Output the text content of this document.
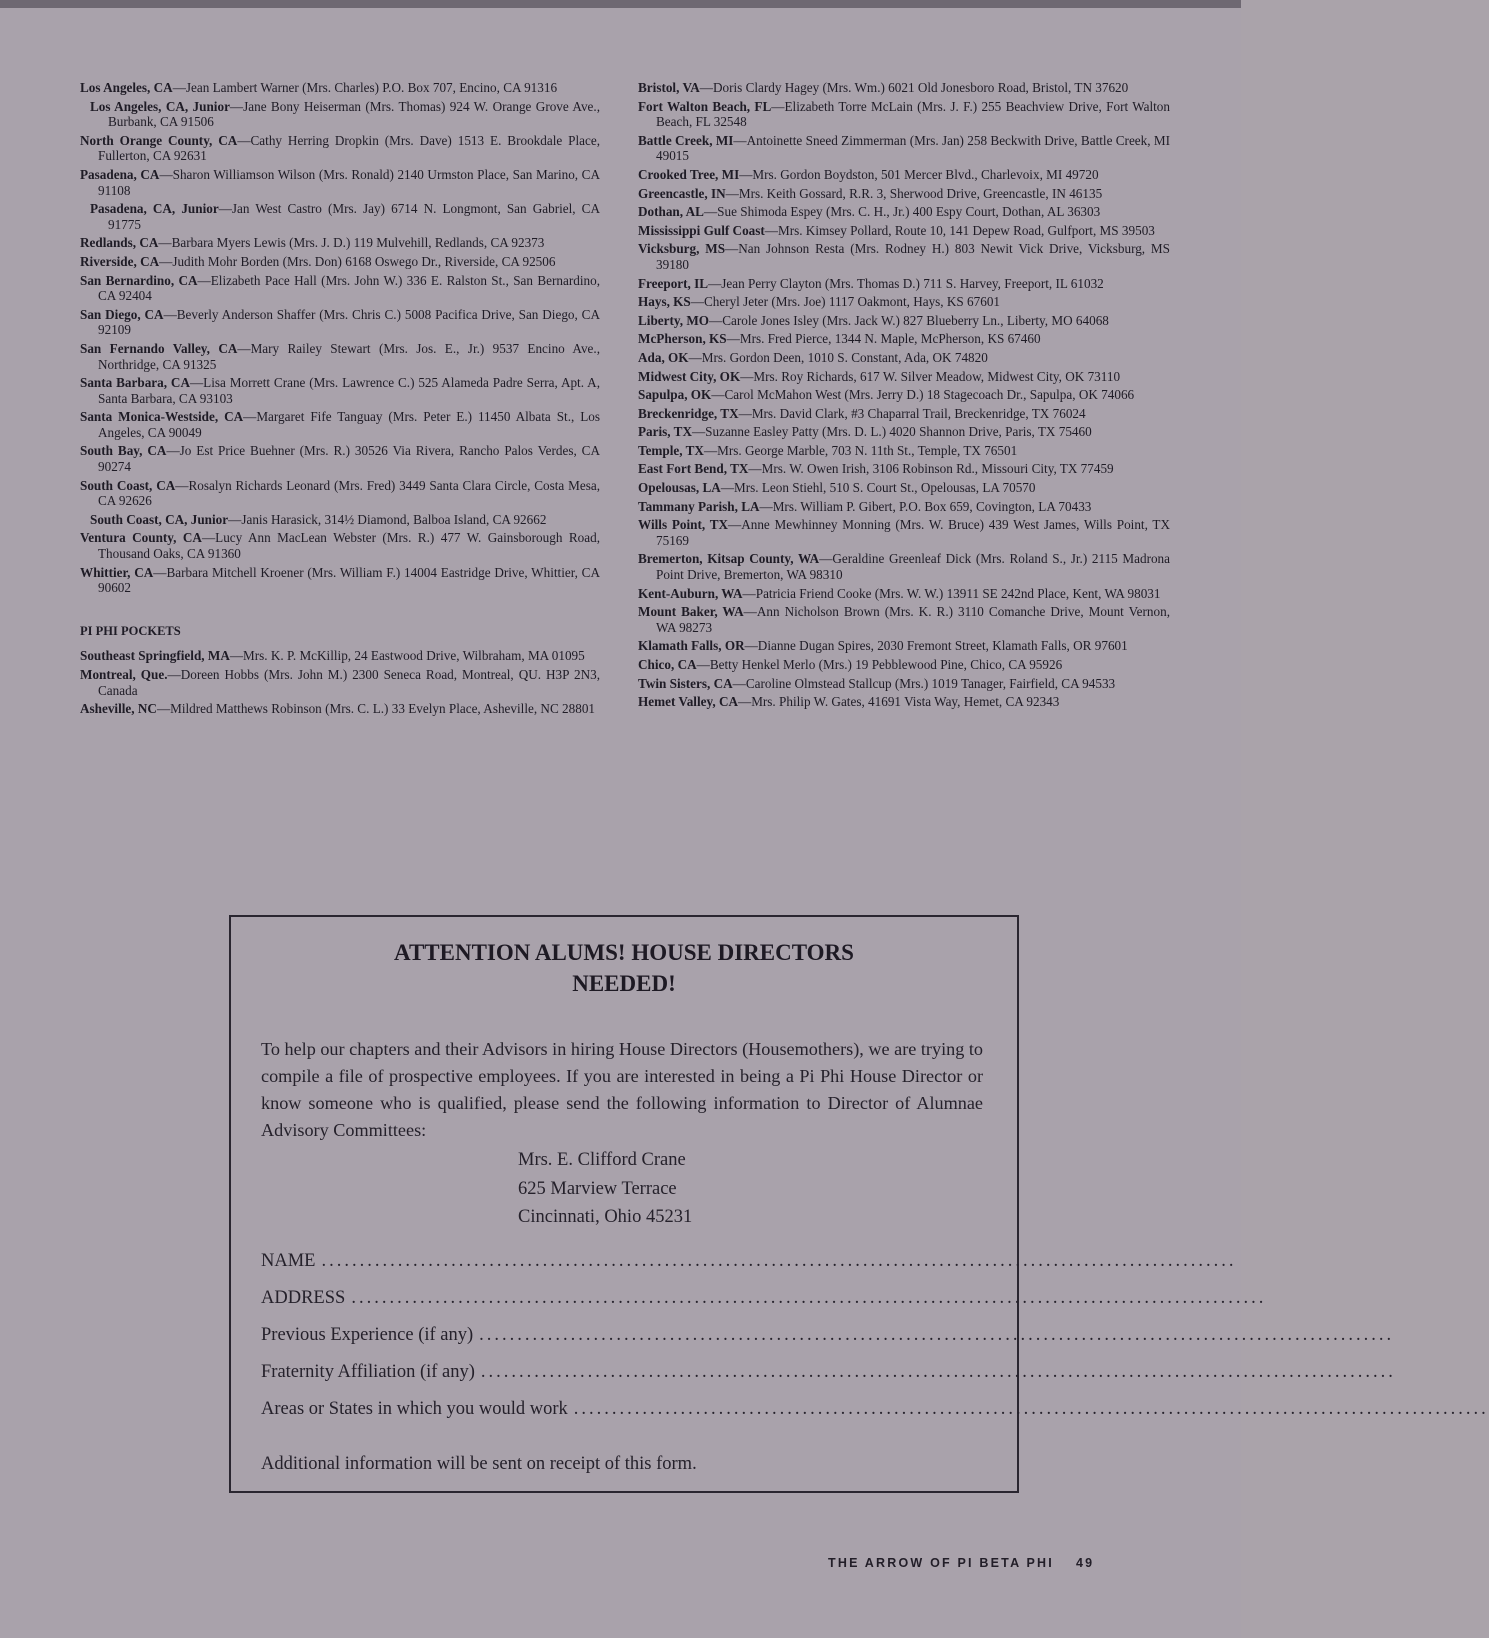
Los Angeles, CA—Jean Lambert Warner (Mrs. Charles) P.O. Box 707, Encino, CA 91316
Los Angeles, CA, Junior—Jane Bony Heiserman (Mrs. Thomas) 924 W. Orange Grove Ave., Burbank, CA 91506
North Orange County, CA—Cathy Herring Dropkin (Mrs. Dave) 1513 E. Brookdale Place, Fullerton, CA 92631
Pasadena, CA—Sharon Williamson Wilson (Mrs. Ronald) 2140 Urmston Place, San Marino, CA 91108
Pasadena, CA, Junior—Jan West Castro (Mrs. Jay) 6714 N. Longmont, San Gabriel, CA 91775
Redlands, CA—Barbara Myers Lewis (Mrs. J. D.) 119 Mulvehill, Redlands, CA 92373
Riverside, CA—Judith Mohr Borden (Mrs. Don) 6168 Oswego Dr., Riverside, CA 92506
San Bernardino, CA—Elizabeth Pace Hall (Mrs. John W.) 336 E. Ralston St., San Bernardino, CA 92404
San Diego, CA—Beverly Anderson Shaffer (Mrs. Chris C.) 5008 Pacifica Drive, San Diego, CA 92109
San Fernando Valley, CA—Mary Railey Stewart (Mrs. Jos. E., Jr.) 9537 Encino Ave., Northridge, CA 91325
Santa Barbara, CA—Lisa Morrett Crane (Mrs. Lawrence C.) 525 Alameda Padre Serra, Apt. A, Santa Barbara, CA 93103
Santa Monica-Westside, CA—Margaret Fife Tanguay (Mrs. Peter E.) 11450 Albata St., Los Angeles, CA 90049
South Bay, CA—Jo Est Price Buehner (Mrs. R.) 30526 Via Rivera, Rancho Palos Verdes, CA 90274
South Coast, CA—Rosalyn Richards Leonard (Mrs. Fred) 3449 Santa Clara Circle, Costa Mesa, CA 92626
South Coast, CA, Junior—Janis Harasick, 314½ Diamond, Balboa Island, CA 92662
Ventura County, CA—Lucy Ann MacLean Webster (Mrs. R.) 477 W. Gainsborough Road, Thousand Oaks, CA 91360
Whittier, CA—Barbara Mitchell Kroener (Mrs. William F.) 14004 Eastridge Drive, Whittier, CA 90602
PI PHI POCKETS
Southeast Springfield, MA—Mrs. K. P. McKillip, 24 Eastwood Drive, Wilbraham, MA 01095
Montreal, Que.—Doreen Hobbs (Mrs. John M.) 2300 Seneca Road, Montreal, QU. H3P 2N3, Canada
Asheville, NC—Mildred Matthews Robinson (Mrs. C. L.) 33 Evelyn Place, Asheville, NC 28801
Bristol, VA—Doris Clardy Hagey (Mrs. Wm.) 6021 Old Jonesboro Road, Bristol, TN 37620
Fort Walton Beach, FL—Elizabeth Torre McLain (Mrs. J. F.) 255 Beachview Drive, Fort Walton Beach, FL 32548
Battle Creek, MI—Antoinette Sneed Zimmerman (Mrs. Jan) 258 Beckwith Drive, Battle Creek, MI 49015
Crooked Tree, MI—Mrs. Gordon Boydston, 501 Mercer Blvd., Charlevoix, MI 49720
Greencastle, IN—Mrs. Keith Gossard, R.R. 3, Sherwood Drive, Greencastle, IN 46135
Dothan, AL—Sue Shimoda Espey (Mrs. C. H., Jr.) 400 Espy Court, Dothan, AL 36303
Mississippi Gulf Coast—Mrs. Kimsey Pollard, Route 10, 141 Depew Road, Gulfport, MS 39503
Vicksburg, MS—Nan Johnson Resta (Mrs. Rodney H.) 803 Newit Vick Drive, Vicksburg, MS 39180
Freeport, IL—Jean Perry Clayton (Mrs. Thomas D.) 711 S. Harvey, Freeport, IL 61032
Hays, KS—Cheryl Jeter (Mrs. Joe) 1117 Oakmont, Hays, KS 67601
Liberty, MO—Carole Jones Isley (Mrs. Jack W.) 827 Blueberry Ln., Liberty, MO 64068
McPherson, KS—Mrs. Fred Pierce, 1344 N. Maple, McPherson, KS 67460
Ada, OK—Mrs. Gordon Deen, 1010 S. Constant, Ada, OK 74820
Midwest City, OK—Mrs. Roy Richards, 617 W. Silver Meadow, Midwest City, OK 73110
Sapulpa, OK—Carol McMahon West (Mrs. Jerry D.) 18 Stagecoach Dr., Sapulpa, OK 74066
Breckenridge, TX—Mrs. David Clark, #3 Chaparral Trail, Breckenridge, TX 76024
Paris, TX—Suzanne Easley Patty (Mrs. D. L.) 4020 Shannon Drive, Paris, TX 75460
Temple, TX—Mrs. George Marble, 703 N. 11th St., Temple, TX 76501
East Fort Bend, TX—Mrs. W. Owen Irish, 3106 Robinson Rd., Missouri City, TX 77459
Opelousas, LA—Mrs. Leon Stiehl, 510 S. Court St., Opelousas, LA 70570
Tammany Parish, LA—Mrs. William P. Gibert, P.O. Box 659, Covington, LA 70433
Wills Point, TX—Anne Mewhinney Monning (Mrs. W. Bruce) 439 West James, Wills Point, TX 75169
Bremerton, Kitsap County, WA—Geraldine Greenleaf Dick (Mrs. Roland S., Jr.) 2115 Madrona Point Drive, Bremerton, WA 98310
Kent-Auburn, WA—Patricia Friend Cooke (Mrs. W. W.) 13911 SE 242nd Place, Kent, WA 98031
Mount Baker, WA—Ann Nicholson Brown (Mrs. K. R.) 3110 Comanche Drive, Mount Vernon, WA 98273
Klamath Falls, OR—Dianne Dugan Spires, 2030 Fremont Street, Klamath Falls, OR 97601
Chico, CA—Betty Henkel Merlo (Mrs.) 19 Pebblewood Pine, Chico, CA 95926
Twin Sisters, CA—Caroline Olmstead Stallcup (Mrs.) 1019 Tanager, Fairfield, CA 94533
Hemet Valley, CA—Mrs. Philip W. Gates, 41691 Vista Way, Hemet, CA 92343
ATTENTION ALUMS! HOUSE DIRECTORS
NEEDED!
To help our chapters and their Advisors in hiring House Directors (Housemothers), we are trying to compile a file of prospective employees. If you are interested in being a Pi Phi House Director or know someone who is qualified, please send the following information to Director of Alumnae Advisory Committees:
Mrs. E. Clifford Crane
625 Marview Terrace
Cincinnati, Ohio 45231
NAME ........................................................................................................................
ADDRESS ........................................................................................................................
Previous Experience (if any) ........................................................................................................................
Fraternity Affiliation (if any) ........................................................................................................................
Areas or States in which you would work ........................................................................................................................
Additional information will be sent on receipt of this form.
THE ARROW OF PI BETA PHI 49
